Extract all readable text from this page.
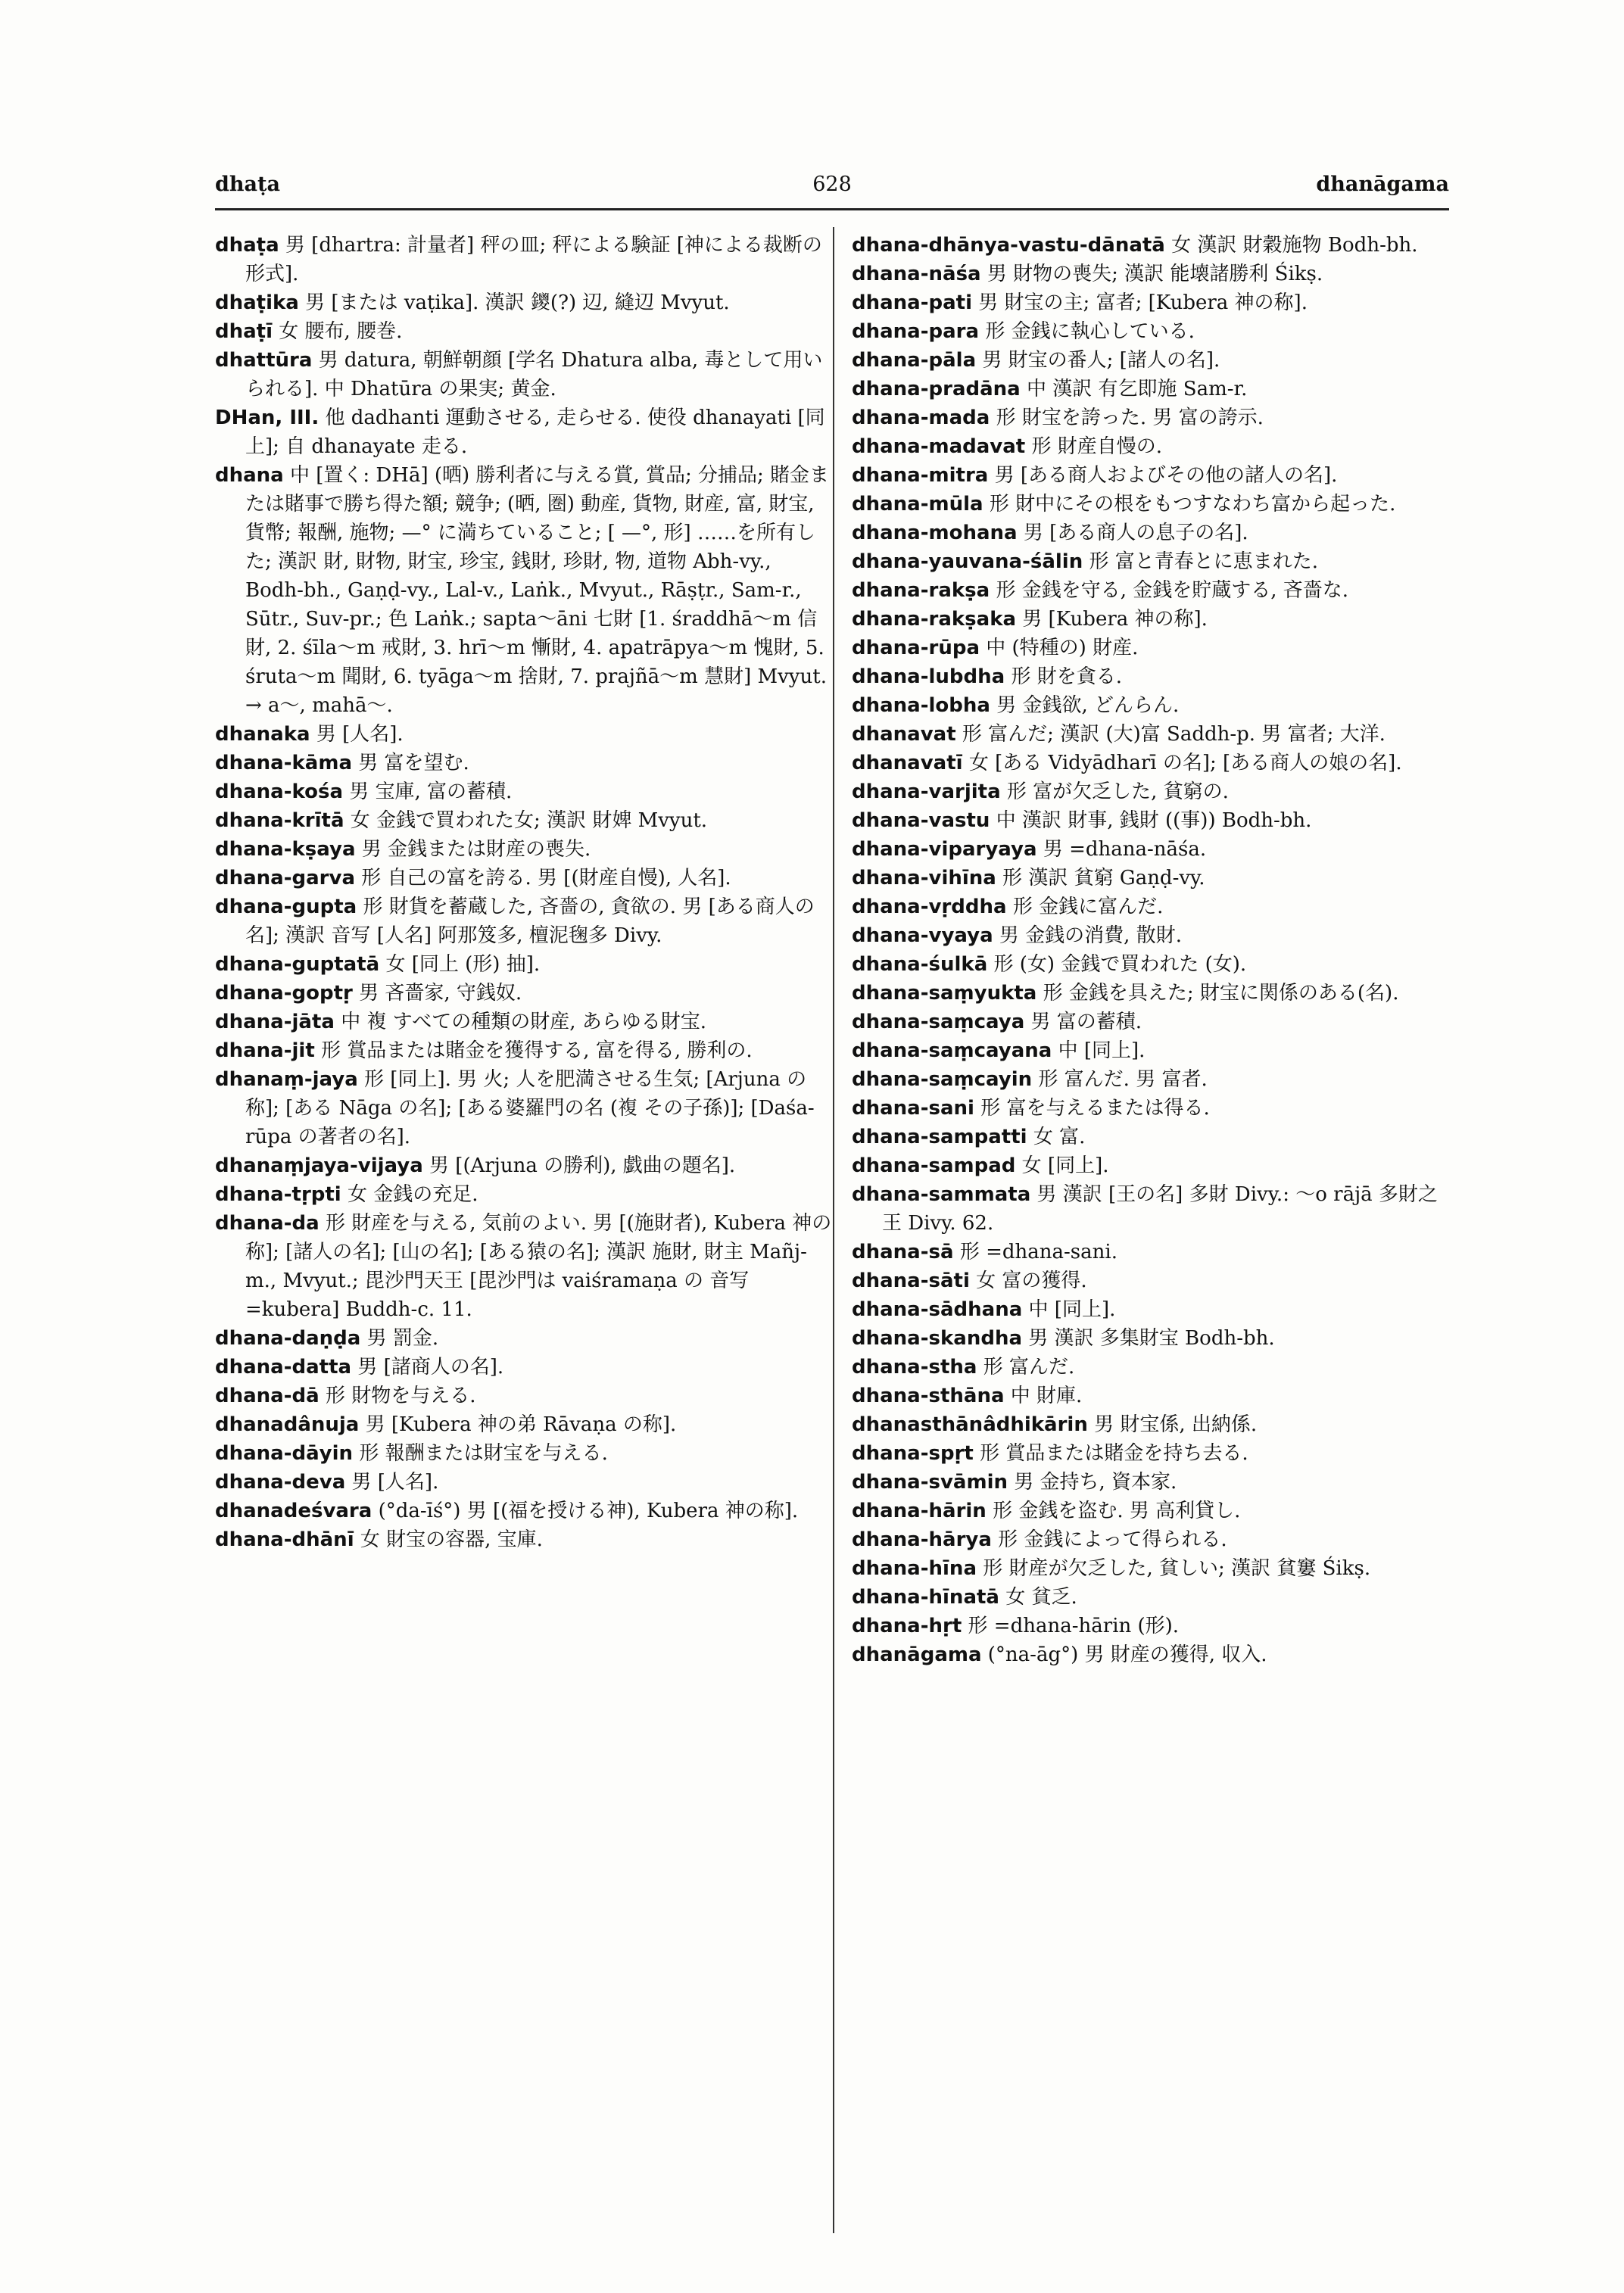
dhaṭa	628	dhanāgama

dhaṭa 男 [dhartra: 計量者] 秤の皿; 秤による験証 [神による裁断の形式].

dhaṭika 男 [または vaṭika]. 漢訳 鑁(?) 辺, 縫辺 Mvyut.

dhaṭī 女 腰布, 腰巻.

dhattūra 男 datura, 朝鮮朝顔 [学名 Dhatura alba, 毒として用いられる]. 中 Dhatūra の果実; 黄金.

DHan, III. 他 dadhanti 運動させる, 走らせる. 使役 dhanayati [同上]; 自 dhanayate 走る.

dhana 中 [置く: DHā] (晒) 勝利者に与える賞, 賞品; 分捕品; 賭金または賭事で勝ち得た額; 競争; (晒, 圏) 動産, 貨物, 財産, 富, 財宝, 貨幣; 報酬, 施物; —° に満ちていること; [ —°, 形] ……を所有した; 漢訳 財, 財物, 財宝, 珍宝, 銭財, 珍財, 物, 道物 Abh-vy., Bodh-bh., Gaṇḍ-vy., Lal-v., Laṅk., Mvyut., Rāṣṭr., Sam-r., Sūtr., Suv-pr.; 色 Laṅk.; sapta～āni 七財 [1. śraddhā～m 信財, 2. śīla～m 戒財, 3. hrī～m 慚財, 4. apatrāpya～m 愧財, 5. śruta～m 聞財, 6. tyāga～m 捨財, 7. prajñā～m 慧財] Mvyut. → a～, mahā～.

dhanaka 男 [人名].

dhana-kāma 男 富を望む.

dhana-kośa 男 宝庫, 富の蓄積.

dhana-krītā 女 金銭で買われた女; 漢訳 財婢 Mvyut.

dhana-kṣaya 男 金銭または財産の喪失.

dhana-garva 形 自己の富を誇る. 男 [(財産自慢), 人名].

dhana-gupta 形 財貨を蓄蔵した, 吝嗇の, 貪欲の. 男 [ある商人の名]; 漢訳 音写 [人名] 阿那笈多, 檀泥毱多 Divy.

dhana-guptatā 女 [同上 (形) 抽].

dhana-goptṛ 男 吝嗇家, 守銭奴.

dhana-jāta 中 複 すべての種類の財産, あらゆる財宝.

dhana-jit 形 賞品または賭金を獲得する, 富を得る, 勝利の.

dhanaṃ-jaya 形 [同上]. 男 火; 人を肥満させる生気; [Arjuna の称]; [ある Nāga の名]; [ある婆羅門の名 (複 その子孫)]; [Daśa-rūpa の著者の名].

dhanaṃjaya-vijaya 男 [(Arjuna の勝利), 戯曲の題名].

dhana-tṛpti 女 金銭の充足.

dhana-da 形 財産を与える, 気前のよい. 男 [(施財者), Kubera 神の称]; [諸人の名]; [山の名]; [ある猿の名]; 漢訳 施財, 財主 Mañj-m., Mvyut.; 毘沙門天王 [毘沙門は vaiśramaṇa の 音写 =kubera] Buddh-c. 11.

dhana-daṇḍa 男 罰金.

dhana-datta 男 [諸商人の名].

dhana-dā 形 財物を与える.

dhanadânuja 男 [Kubera 神の弟 Rāvaṇa の称].

dhana-dāyin 形 報酬または財宝を与える.

dhana-deva 男 [人名].

dhanadeśvara (°da-īś°) 男 [(福を授ける神), Kubera 神の称].

dhana-dhānī 女 財宝の容器, 宝庫.

dhana-dhānya-vastu-dānatā 女 漢訳 財穀施物 Bodh-bh.

dhana-nāśa 男 財物の喪失; 漢訳 能壊諸勝利 Śikṣ.

dhana-pati 男 財宝の主; 富者; [Kubera 神の称].

dhana-para 形 金銭に執心している.

dhana-pāla 男 財宝の番人; [諸人の名].

dhana-pradāna 中 漢訳 有乞即施 Sam-r.

dhana-mada 形 財宝を誇った. 男 富の誇示.

dhana-madavat 形 財産自慢の.

dhana-mitra 男 [ある商人およびその他の諸人の名].

dhana-mūla 形 財中にその根をもつすなわち富から起った.

dhana-mohana 男 [ある商人の息子の名].

dhana-yauvana-śālin 形 富と青春とに恵まれた.

dhana-rakṣa 形 金銭を守る, 金銭を貯蔵する, 吝嗇な.

dhana-rakṣaka 男 [Kubera 神の称].

dhana-rūpa 中 (特種の) 財産.

dhana-lubdha 形 財を貪る.

dhana-lobha 男 金銭欲, どんらん.

dhanavat 形 富んだ; 漢訳 (大)富 Saddh-p. 男 富者; 大洋.

dhanavatī 女 [ある Vidyādharī の名]; [ある商人の娘の名].

dhana-varjita 形 富が欠乏した, 貧窮の.

dhana-vastu 中 漢訳 財事, 銭財 ((事)) Bodh-bh.

dhana-viparyaya 男 =dhana-nāśa.

dhana-vihīna 形 漢訳 貧窮 Gaṇḍ-vy.

dhana-vṛddha 形 金銭に富んだ.

dhana-vyaya 男 金銭の消費, 散財.

dhana-śulkā 形 (女) 金銭で買われた (女).

dhana-saṃyukta 形 金銭を具えた; 財宝に関係のある(名).

dhana-saṃcaya 男 富の蓄積.

dhana-saṃcayana 中 [同上].

dhana-saṃcayin 形 富んだ. 男 富者.

dhana-sani 形 富を与えるまたは得る.

dhana-sampatti 女 富.

dhana-sampad 女 [同上].

dhana-sammata 男 漢訳 [王の名] 多財 Divy.: ～o rājā 多財之王 Divy. 62.

dhana-sā 形 =dhana-sani.

dhana-sāti 女 富の獲得.

dhana-sādhana 中 [同上].

dhana-skandha 男 漢訳 多集財宝 Bodh-bh.

dhana-stha 形 富んだ.

dhana-sthāna 中 財庫.

dhanasthānâdhikārin 男 財宝係, 出納係.

dhana-spṛt 形 賞品または賭金を持ち去る.

dhana-svāmin 男 金持ち, 資本家.

dhana-hārin 形 金銭を盗む. 男 高利貸し.

dhana-hārya 形 金銭によって得られる.

dhana-hīna 形 財産が欠乏した, 貧しい; 漢訳 貧窶 Śikṣ.

dhana-hīnatā 女 貧乏.

dhana-hṛt 形 =dhana-hārin (形).

dhanāgama (°na-āg°) 男 財産の獲得, 収入.
